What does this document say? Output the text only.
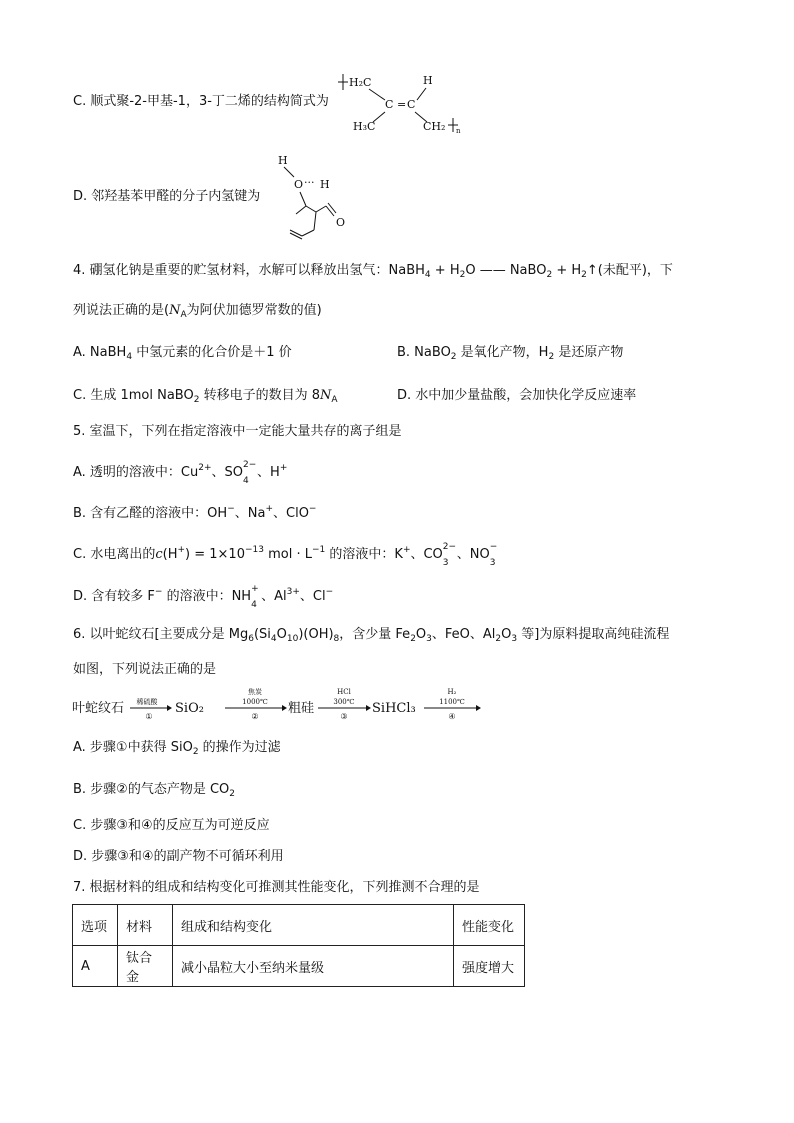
C. 顺式聚-2-甲基-1，3-丁二烯的结构简式为
H₂C	H
C = C
H₃C	CH₂ n
D. 邻羟基苯甲醛的分子内氢键为
H
O ··· H
O
4. 硼氢化钠是重要的贮氢材料，水解可以释放出氢气：NaBH$_4$ + $H_2O$ —— NaBO$_2$ + $H_2↑$(未配平)，下
列说法正确的是($N_A$为阿伏加德罗常数的值)
A. NaBH$_4$ 中氢元素的化合价是＋1 价	B. NaBO$_2$ 是氧化产物，$H_2$ 是还原产物
C. 生成 1mol NaBO$_2$ 转移电子的数目为 $8N_A$	D. 水中加少量盐酸，会加快化学反应速率
5. 室温下，下列在指定溶液中一定能大量共存的离子组是
A. 透明的溶液中：$Cu^{2+}$、SO 2−
4
、H+
B. 含有乙醛的溶液中：OH−、Na+、ClO−
C. 水电离出的$c(H^+) = 1\times 10^{-13}$ mol · $L^{-1}$ 的溶液中：K+、CO 2−
3
、NO −
3
D. 含有较多 F− 的溶液中：NH +
4
、$Al^{3+}$、Cl−
6. 以叶蛇纹石[主要成分是 $Mg_6(Si_4O_{10})(OH)_8$，含少量 $Fe_2O_3$、FeO、$Al_2O_3$ 等]为原料提取高纯硅流程
如图，下列说法正确的是
叶蛇纹石 稀硫酸
①
SiO₂
焦炭
1000℃
②
粗硅
HCl
300℃
③
SiHCl₃
H₂
1100℃
④
A. 步骤①中获得 SiO$_2$ 的操作为过滤
B. 步骤②的气态产物是 $CO_2$
C. 步骤③和④的反应互为可逆反应
D. 步骤③和④的副产物不可循环利用
7. 根据材料的组成和结构变化可推测其性能变化，下列推测不合理的是
选项	材料	组成和结构变化	性能变化
A	钛合金	减小晶粒大小至纳米量级	强度增大
